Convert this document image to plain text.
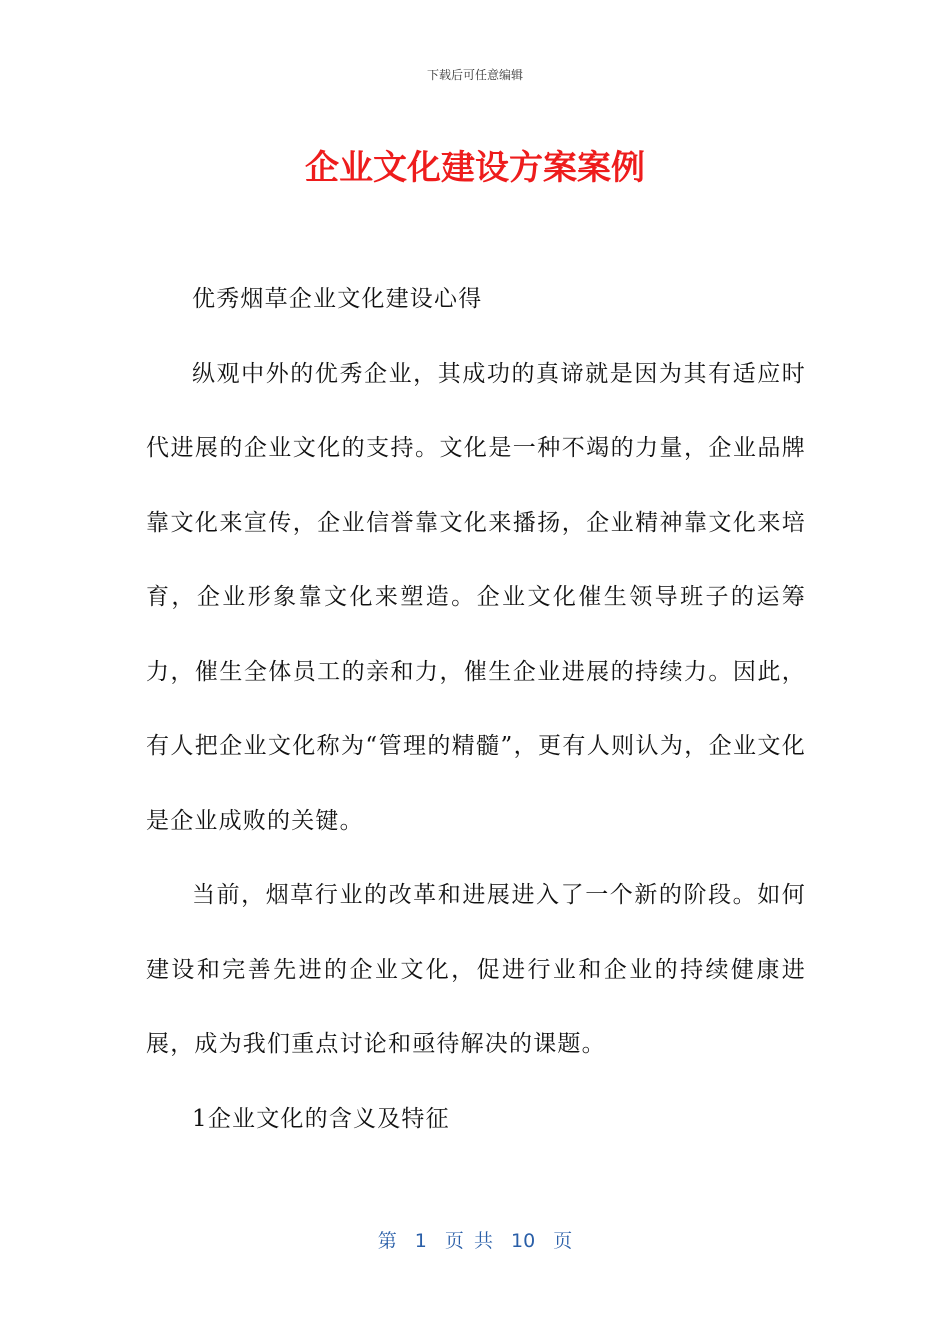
下载后可任意编辑
企业文化建设方案案例

优秀烟草企业文化建设心得

纵观中外的优秀企业，其成功的真谛就是因为其有适应时代进展的企业文化的支持。文化是一种不竭的力量，企业品牌靠文化来宣传，企业信誉靠文化来播扬，企业精神靠文化来培育，企业形象靠文化来塑造。企业文化催生领导班子的运筹力，催生全体员工的亲和力，催生企业进展的持续力。因此，有人把企业文化称为“管理的精髓”，更有人则认为，企业文化是企业成败的关键。

当前，烟草行业的改革和进展进入了一个新的阶段。如何建设和完善先进的企业文化，促进行业和企业的持续健康进展，成为我们重点讨论和亟待解决的课题。

1企业文化的含义及特征

第 1 页 共 10 页
